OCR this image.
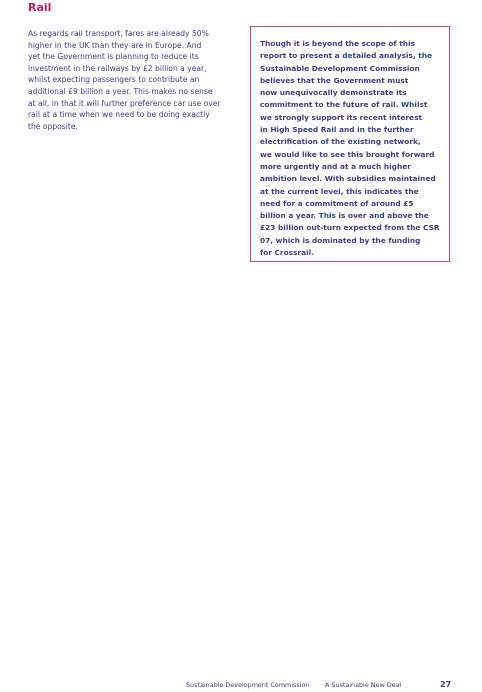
Rail

As regards rail transport, fares are already 50%
higher in the UK than they are in Europe. And
yet the Government is planning to reduce its
investment in the railways by £2 billion a year,
whilst expecting passengers to contribute an
additional £9 billion a year. This makes no sense
at all, in that it will further preference car use over
rail at a time when we need to be doing exactly
the opposite.

Though it is beyond the scope of this
report to present a detailed analysis, the
Sustainable Development Commission
believes that the Government must
now unequivocally demonstrate its
commitment to the future of rail. Whilst
we strongly support its recent interest
in High Speed Rail and in the further
electrification of the existing network,
we would like to see this brought forward
more urgently and at a much higher
ambition level. With subsidies maintained
at the current level, this indicates the
need for a commitment of around £5
billion a year. This is over and above the
£23 billion out-turn expected from the CSR
07, which is dominated by the funding
for Crossrail.
Sustainable Development Commission A Sustainable New Deal	27
